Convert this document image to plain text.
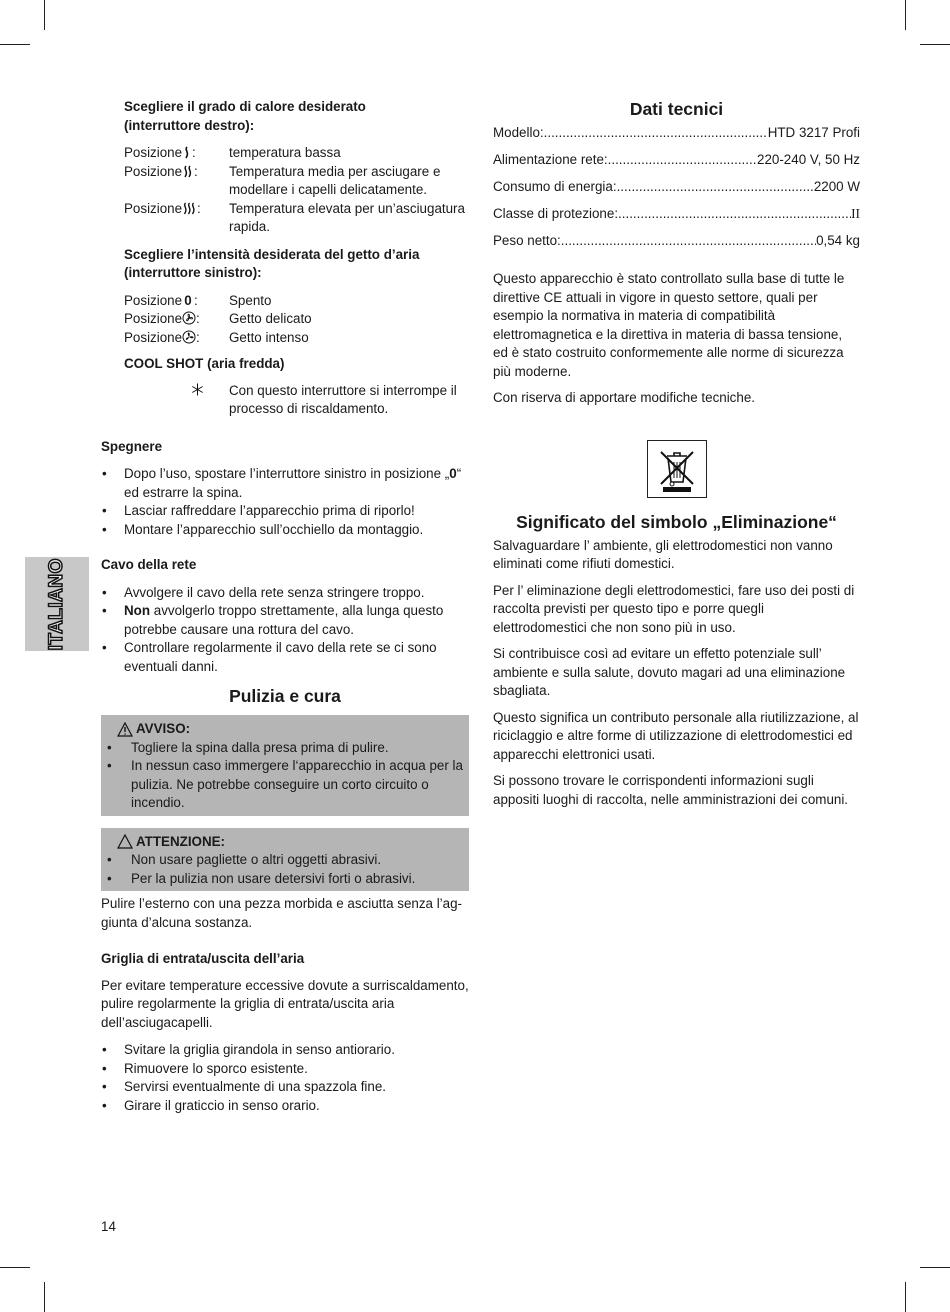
ITALIANO
Scegliere il grado di calore desiderato
(interruttore destro):
Posizione :	temperatura bassa
Posizione :	Temperatura media per asciugare e modellare i capelli delicatamente.
Posizione	:	Temperatura elevata per un’asciugatura rapida.
Scegliere l’intensità desiderata del getto d’aria
(interruttore sinistro):
Posizione 0 :	Spento
Posizione	:	Getto delicato
Posizione	:	Getto intenso
COOL SHOT (aria fredda)
Con questo interruttore si interrompe il processo di riscaldamento.
Spegnere
• Dopo l’uso, spostare l’interruttore sinistro in posizione „0“ ed estrarre la spina.
• Lasciar raffreddare l’apparecchio prima di riporlo!
• Montare l’apparecchio sull’occhiello da montaggio.
Cavo della rete
• Avvolgere il cavo della rete senza stringere troppo.
• Non avvolgerlo troppo strettamente, alla lunga questo potrebbe causare una rottura del cavo.
• Controllare regolarmente il cavo della rete se ci sono eventuali danni.
Pulizia e cura
AVVISO:
• Togliere la spina dalla presa prima di pulire.
• In nessun caso immergere l‘apparecchio in acqua per la pulizia. Ne potrebbe conseguire un corto circuito o incendio.
ATTENZIONE:
• Non usare pagliette o altri oggetti abrasivi.
• Per la pulizia non usare detersivi forti o abrasivi.

Pulire l’esterno con una pezza morbida e asciutta senza l’aggiunta d’alcuna sostanza.

Griglia di entrata/uscita dell’aria

Per evitare temperature eccessive dovute a surriscaldamento, pulire regolarmente la griglia di entrata/uscita aria dell’asciugacapelli.

• Svitare la griglia girandola in senso antiorario.
• Rimuovere lo sporco esistente.
• Servirsi eventualmente di una spazzola fine.
• Girare il graticcio in senso orario.
Dati tecnici
Modello: .....	HTD 3217 Profi
Alimentazione rete: .....	220-240 V, 50 Hz
Consumo di energia: .....	2200 W
Classe di protezione: .....	II
Peso netto: .....	0,54 kg

Questo apparecchio è stato controllato sulla base di tutte le direttive CE attuali in vigore in questo settore, quali per esempio la normativa in materia di compatibilità elettromagnetica e la direttiva in materia di bassa tensione, ed è stato costruito conformemente alle norme di sicurezza più moderne.

Con riserva di apportare modifiche tecniche.

Significato del simbolo „Eliminazione“

Salvaguardare l’ ambiente, gli elettrodomestici non vanno eliminati come rifiuti domestici.

Per l’ eliminazione degli elettrodomestici, fare uso dei posti di raccolta previsti per questo tipo e porre quegli elettrodomestici che non sono più in uso.

Si contribuisce così ad evitare un effetto potenziale sull’ ambiente e sulla salute, dovuto magari ad una eliminazione sbagliata.

Questo significa un contributo personale alla riutilizzazione, al riciclaggio e altre forme di utilizzazione di elettrodomestici ed apparecchi elettronici usati.

Si possono trovare le corrispondenti informazioni sugli appositi luoghi di raccolta, nelle amministrazioni dei comuni.

14
